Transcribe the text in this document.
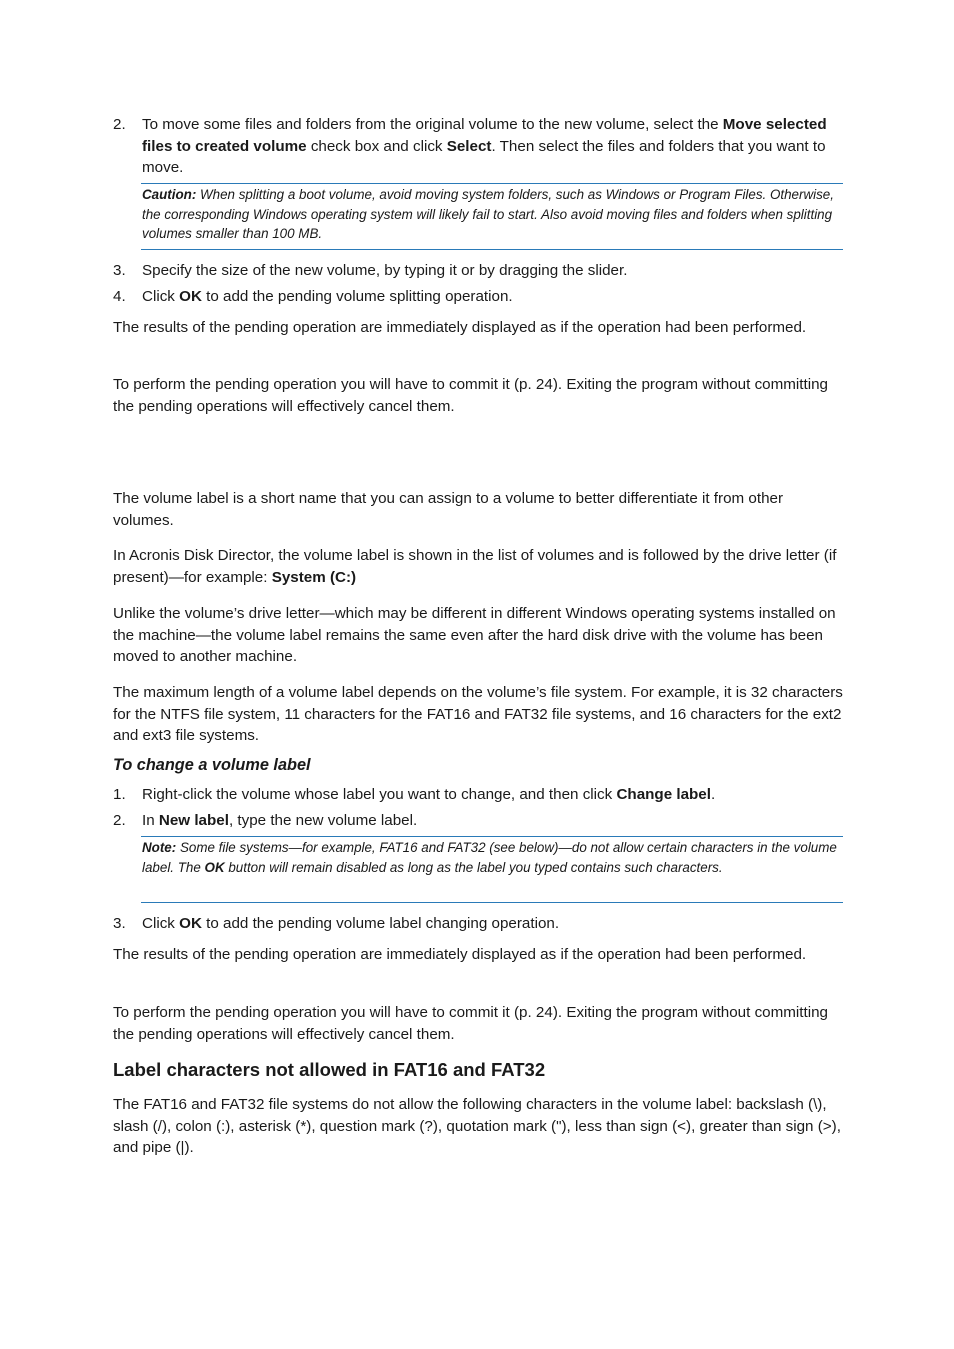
2. To move some files and folders from the original volume to the new volume, select the Move selected files to created volume check box and click Select. Then select the files and folders that you want to move.
Caution: When splitting a boot volume, avoid moving system folders, such as Windows or Program Files. Otherwise, the corresponding Windows operating system will likely fail to start. Also avoid moving files and folders when splitting volumes smaller than 100 MB.
3. Specify the size of the new volume, by typing it or by dragging the slider.
4. Click OK to add the pending volume splitting operation.

The results of the pending operation are immediately displayed as if the operation had been performed.

To perform the pending operation you will have to commit it (p. 24). Exiting the program without committing the pending operations will effectively cancel them.

The volume label is a short name that you can assign to a volume to better differentiate it from other volumes.

In Acronis Disk Director, the volume label is shown in the list of volumes and is followed by the drive letter (if present)—for example: System (C:)

Unlike the volume’s drive letter—which may be different in different Windows operating systems installed on the machine—the volume label remains the same even after the hard disk drive with the volume has been moved to another machine.

The maximum length of a volume label depends on the volume’s file system. For example, it is 32 characters for the NTFS file system, 11 characters for the FAT16 and FAT32 file systems, and 16 characters for the ext2 and ext3 file systems.

To change a volume label
1. Right-click the volume whose label you want to change, and then click Change label.
2. In New label, type the new volume label.
Note: Some file systems—for example, FAT16 and FAT32 (see below)—do not allow certain characters in the volume label. The OK button will remain disabled as long as the label you typed contains such characters.
3. Click OK to add the pending volume label changing operation.

The results of the pending operation are immediately displayed as if the operation had been performed.

To perform the pending operation you will have to commit it (p. 24). Exiting the program without committing the pending operations will effectively cancel them.

Label characters not allowed in FAT16 and FAT32

The FAT16 and FAT32 file systems do not allow the following characters in the volume label: backslash (\), slash (/), colon (:), asterisk (*), question mark (?), quotation mark ("), less than sign (<), greater than sign (>), and pipe (|).
